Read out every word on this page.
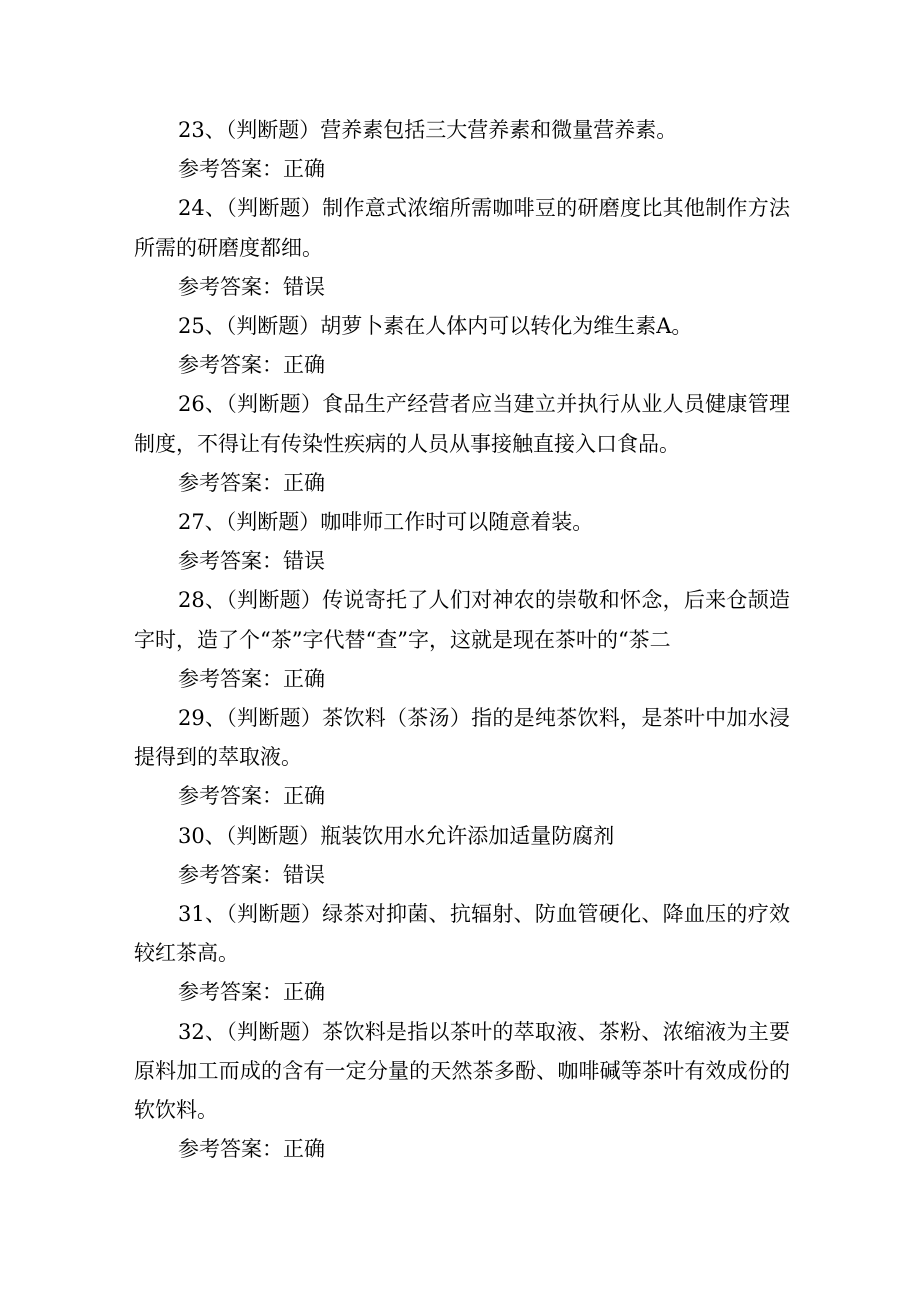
23、（判断题）营养素包括三大营养素和微量营养素。

参考答案：正确

24、（判断题）制作意式浓缩所需咖啡豆的研磨度比其他制作方法所需的研磨度都细。

参考答案：错误

25、（判断题）胡萝卜素在人体内可以转化为维生素A。

参考答案：正确

26、（判断题）食品生产经营者应当建立并执行从业人员健康管理制度，不得让有传染性疾病的人员从事接触直接入口食品。

参考答案：正确

27、（判断题）咖啡师工作时可以随意着装。

参考答案：错误

28、（判断题）传说寄托了人们对神农的崇敬和怀念，后来仓颉造字时，造了个“茶”字代替“查”字，这就是现在茶叶的“茶二

参考答案：正确

29、（判断题）茶饮料（茶汤）指的是纯茶饮料，是茶叶中加水浸提得到的萃取液。

参考答案：正确

30、（判断题）瓶装饮用水允许添加适量防腐剂

参考答案：错误

31、（判断题）绿茶对抑菌、抗辐射、防血管硬化、降血压的疗效较红茶高。

参考答案：正确

32、（判断题）茶饮料是指以茶叶的萃取液、茶粉、浓缩液为主要原料加工而成的含有一定分量的天然茶多酚、咖啡碱等茶叶有效成份的软饮料。

参考答案：正确
